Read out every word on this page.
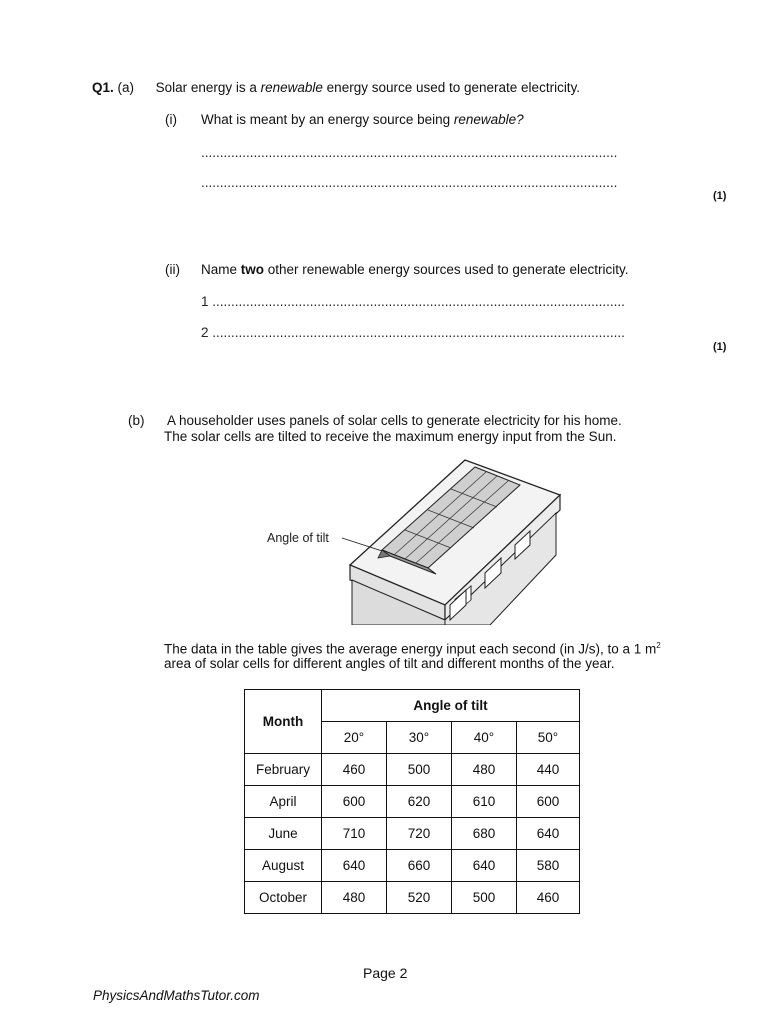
Q1. (a) Solar energy is a renewable energy source used to generate electricity.
(i) What is meant by an energy source being renewable?
...............................................................................................................
...............................................................................................................
(1)
(ii) Name two other renewable energy sources used to generate electricity.
1 ..............................................................................................................
2 ..............................................................................................................
(1)
(b) A householder uses panels of solar cells to generate electricity for his home.
The solar cells are tilted to receive the maximum energy input from the Sun.
Angle of tilt
The data in the table gives the average energy input each second (in J/s), to a 1 $m^2$
area of solar cells for different angles of tilt and different months of the year.
Month	Angle of tilt			
	20°	30°	40°	50°
February	460	500	480	440
April	600	620	610	600
June	710	720	680	640
August	640	660	640	580
October	480	520	500	460
Page 2
PhysicsAndMathsTutor.com
